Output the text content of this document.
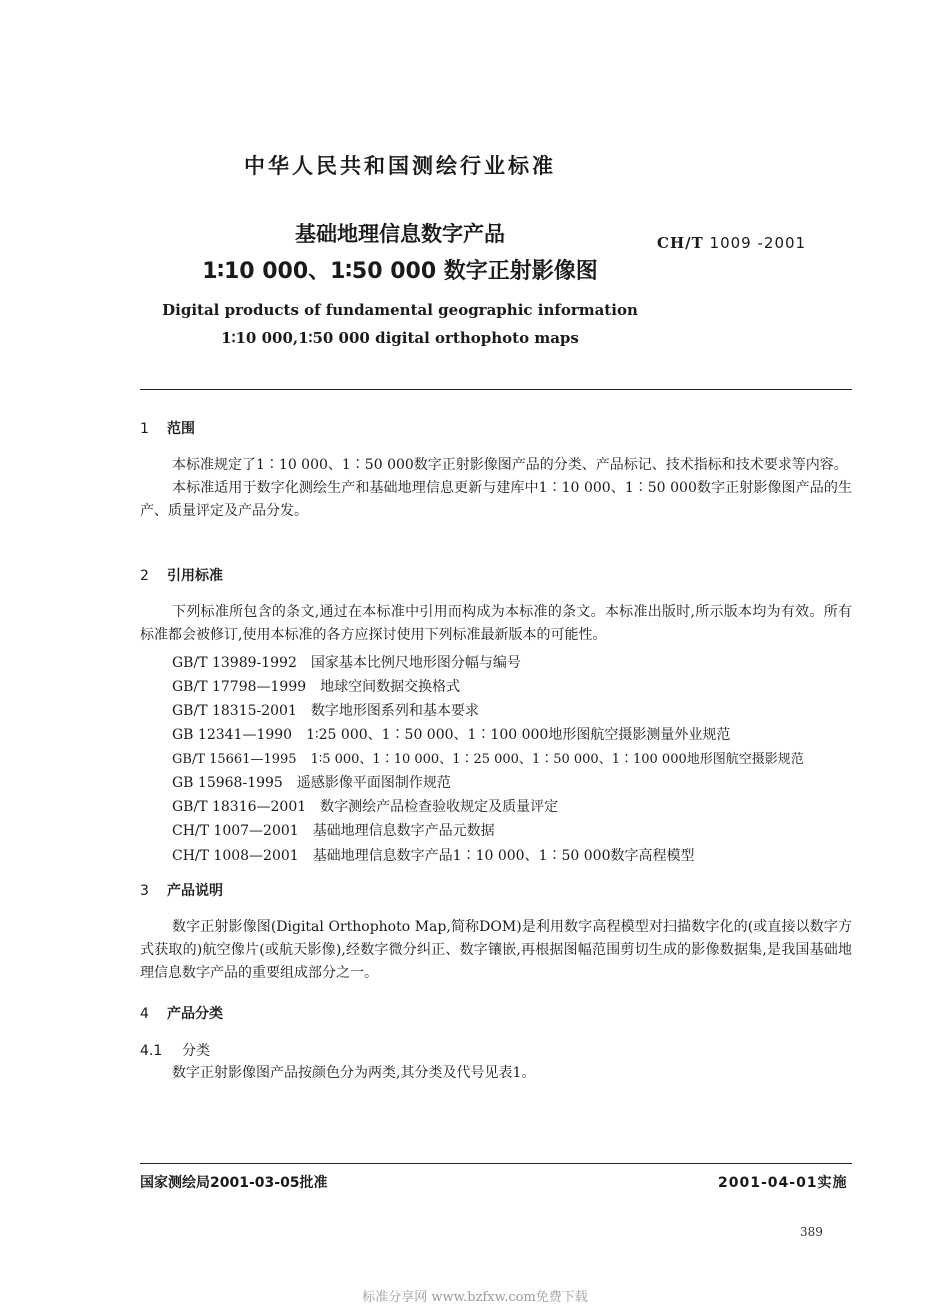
中华人民共和国测绘行业标准
基础地理信息数字产品
1∶10 000、1∶50 000 数字正射影像图
CH/T 1009 -2001
Digital products of fundamental geographic information
1∶10 000,1∶50 000 digital orthophoto maps
1 范围

本标准规定了1∶10 000、1∶50 000数字正射影像图产品的分类、产品标记、技术指标和技术要求等内容。

本标准适用于数字化测绘生产和基础地理信息更新与建库中1∶10 000、1∶50 000数字正射影像图产品的生产、质量评定及产品分发。

2 引用标准

下列标准所包含的条文,通过在本标准中引用而构成为本标准的条文。本标准出版时,所示版本均为有效。所有标准都会被修订,使用本标准的各方应探讨使用下列标准最新版本的可能性。

GB/T 13989-1992 国家基本比例尺地形图分幅与编号
GB/T 17798—1999 地球空间数据交换格式
GB/T 18315-2001 数字地形图系列和基本要求
GB 12341—1990 1∶25 000、1∶50 000、1∶100 000地形图航空摄影测量外业规范
GB/T 15661—1995 1∶5 000、1∶10 000、1∶25 000、1∶50 000、1∶100 000地形图航空摄影规范
GB 15968-1995 遥感影像平面图制作规范
GB/T 18316—2001 数字测绘产品检查验收规定及质量评定
CH/T 1007—2001 基础地理信息数字产品元数据
CH/T 1008—2001 基础地理信息数字产品1∶10 000、1∶50 000数字高程模型
3 产品说明

数字正射影像图(Digital Orthophoto Map,简称DOM)是利用数字高程模型对扫描数字化的(或直接以数字方式获取的)航空像片(或航天影像),经数字微分纠正、数字镶嵌,再根据图幅范围剪切生成的影像数据集,是我国基础地理信息数字产品的重要组成部分之一。

4 产品分类
4.1 分类

数字正射影像图产品按颜色分为两类,其分类及代号见表1。

国家测绘局2001-03-05批准	2001-04-01实施
389
标准分享网 www.bzfxw.com免费下载
